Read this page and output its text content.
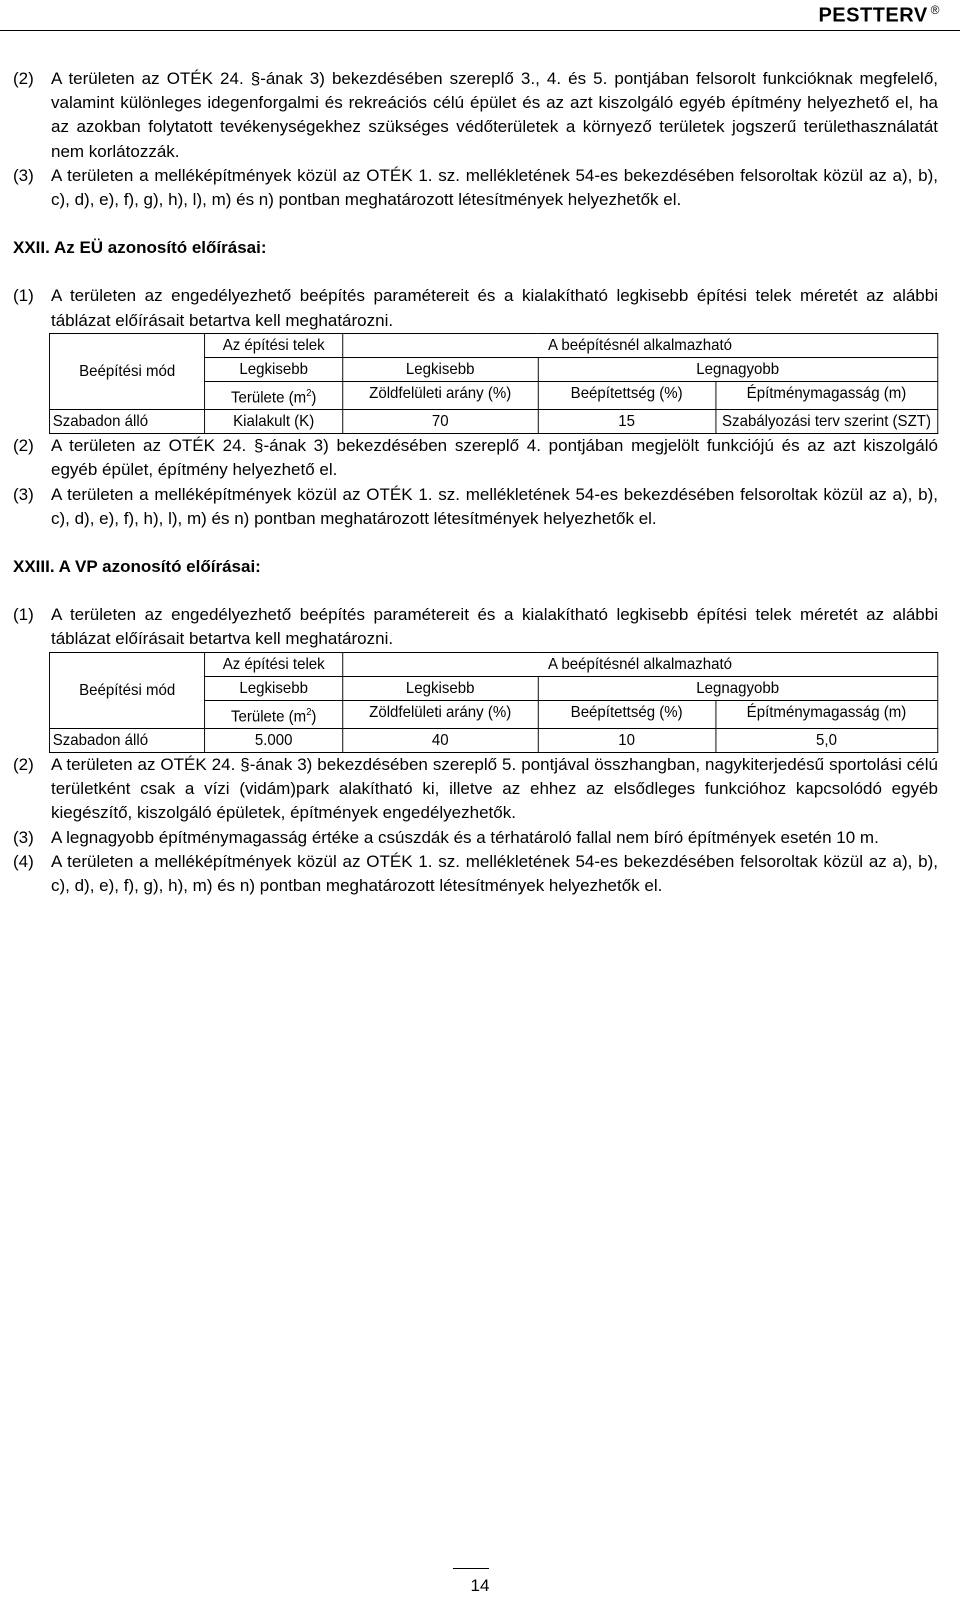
PESTTERV ®
(2)	A területen az OTÉK 24. §-ának 3) bekezdésében szereplő 3., 4. és 5. pontjában felsorolt funkcióknak megfelelő, valamint különleges idegenforgalmi és rekreációs célú épület és az azt kiszolgáló egyéb építmény helyezhető el, ha az azokban folytatott tevékenységekhez szükséges védőterületek a környező területek jogszerű területhasználatát nem korlátozzák.
(3)	A területen a melléképítmények közül az OTÉK 1. sz. mellékletének 54-es bekezdésében felsoroltak közül az a), b), c), d), e), f), g), h), l), m) és n) pontban meghatározott létesítmények helyezhetők el.
XXII. Az EÜ azonosító előírásai:
(1)	A területen az engedélyezhető beépítés paramétereit és a kialakítható legkisebb építési telek méretét az alábbi táblázat előírásait betartva kell meghatározni.
Beépítési mód	Az építési telek	A beépítésnél alkalmazható		
	Legkisebb	Legkisebb	Legnagyobb	
	Területe $(m^2)$	Zöldfelületi arány (%)	Beépítettség (%)	Építménymagasság (m)
Szabadon álló	Kialakult (K)	70	15	Szabályozási terv szerint (SZT)
(2)	A területen az OTÉK 24. §-ának 3) bekezdésében szereplő 4. pontjában megjelölt funkciójú és az azt kiszolgáló egyéb épület, építmény helyezhető el.
(3)	A területen a melléképítmények közül az OTÉK 1. sz. mellékletének 54-es bekezdésében felsoroltak közül az a), b), c), d), e), f), h), l), m) és n) pontban meghatározott létesítmények helyezhetők el.
XXIII. A VP azonosító előírásai:
(1)	A területen az engedélyezhető beépítés paramétereit és a kialakítható legkisebb építési telek méretét az alábbi táblázat előírásait betartva kell meghatározni.
Beépítési mód	Az építési telek	A beépítésnél alkalmazható		
	Legkisebb	Legkisebb	Legnagyobb	
	Területe $(m^2)$	Zöldfelületi arány (%)	Beépítettség (%)	Építménymagasság (m)
Szabadon álló	5.000	40	10	5,0
(2)	A területen az OTÉK 24. §-ának 3) bekezdésében szereplő 5. pontjával összhangban, nagykiterjedésű sportolási célú területként csak a vízi (vidám)park alakítható ki, illetve az ehhez az elsődleges funkcióhoz kapcsolódó egyéb kiegészítő, kiszolgáló épületek, építmények engedélyezhetők.
(3)	A legnagyobb építménymagasság értéke a csúszdák és a térhatároló fallal nem bíró építmények esetén 10 m.
(4)	A területen a melléképítmények közül az OTÉK 1. sz. mellékletének 54-es bekezdésében felsoroltak közül az a), b), c), d), e), f), g), h), m) és n) pontban meghatározott létesítmények helyezhetők el.
14
